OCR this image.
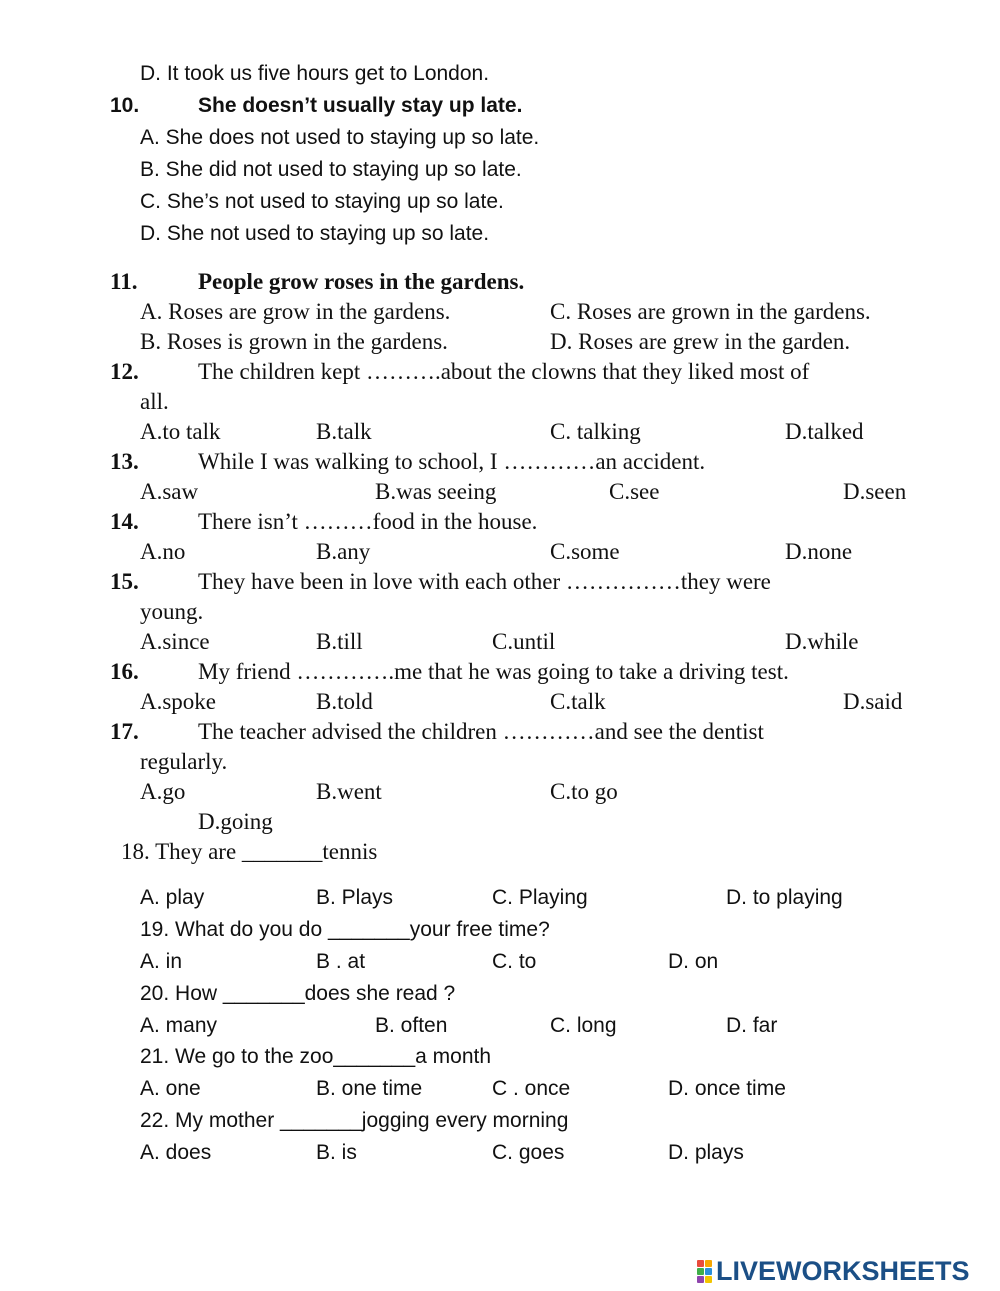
D. It took us five hours get to London.
10.	She doesn’t usually stay up late.
A. She does not used to staying up so late.
B. She did not used to staying up so late.
C. She’s not used to staying up so late.
D. She not used to staying up so late.
11.	People grow roses in the gardens.
A. Roses are grow in the gardens.	C. Roses are grown in the gardens.
B. Roses is grown in the gardens.	D. Roses are grew in the garden.
12.	The children kept ……….about the clowns that they liked most of
all.
A.to talk	B.talk	C. talking	D.talked
13.	While I was walking to school, I …………an accident.
A.saw	B.was seeing	C.see	D.seen
14.	There isn’t ………food in the house.
A.no	B.any	C.some	D.none
15.	They have been in love with each other ……………they were
young.
A.since	B.till	C.until	D.while
16.	My friend ………….me that he was going to take a driving test.
A.spoke	B.told	C.talk	D.said
17.	The teacher advised the children …………and see the dentist
regularly.
A.go	B.went	C.to go
D.going
18. They are _______tennis
A. play	B. Plays	C. Playing	D. to playing
19. What do you do _______your free time?
A. in	B . at	C. to	D. on
20. How _______does she read ?
A. many	B. often	C. long	D. far
21. We go to the zoo_______a month
A. one	B. one time	C . once	D. once time
22. My mother _______jogging every morning
A. does	B. is	C. goes	D. plays
LIVEWORKSHEETS
